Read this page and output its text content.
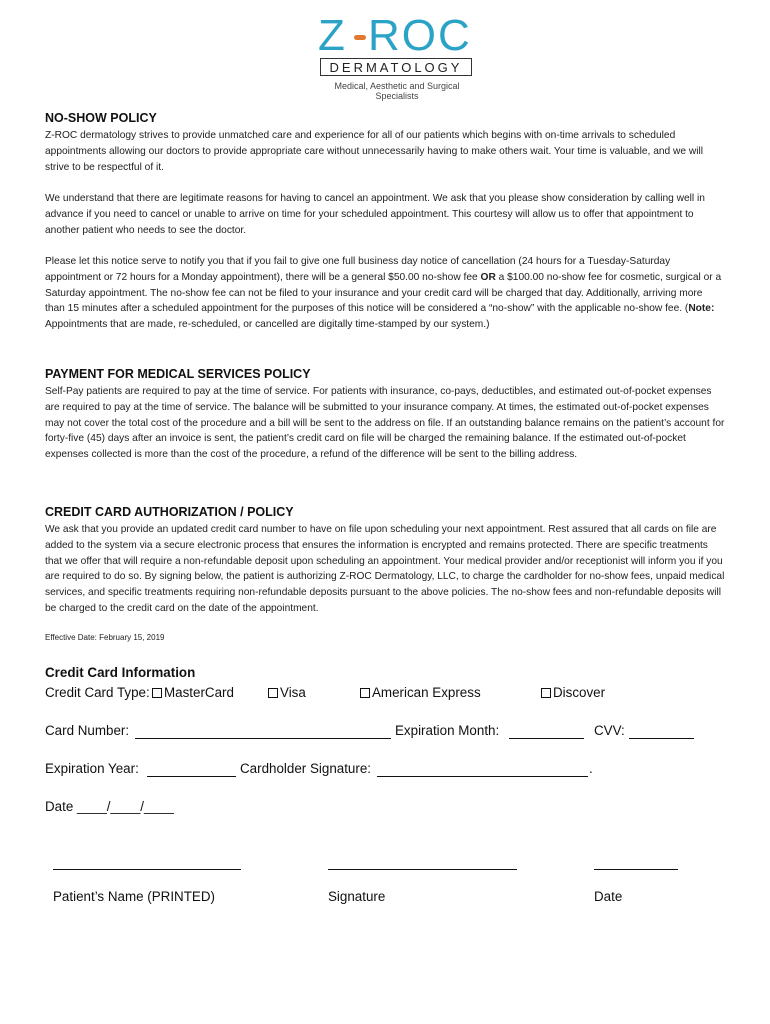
Z ROC
DERMATOLOGY
Medical, Aesthetic and Surgical Specialists
NO-SHOW POLICY
Z-ROC dermatology strives to provide unmatched care and experience for all of our patients which begins with on-time arrivals to scheduled appointments allowing our doctors to provide appropriate care without unnecessarily having to make others wait. Your time is valuable, and we will strive to be respectful of it.
We understand that there are legitimate reasons for having to cancel an appointment. We ask that you please show consideration by calling well in advance if you need to cancel or unable to arrive on time for your scheduled appointment. This courtesy will allow us to offer that appointment to another patient who needs to see the doctor.
Please let this notice serve to notify you that if you fail to give one full business day notice of cancellation (24 hours for a Tuesday-Saturday appointment or 72 hours for a Monday appointment), there will be a general $50.00 no-show fee OR a $100.00 no-show fee for cosmetic, surgical or a Saturday appointment. The no-show fee can not be filed to your insurance and your credit card will be charged that day. Additionally, arriving more than 15 minutes after a scheduled appointment for the purposes of this notice will be considered a “no-show” with the applicable no-show fee. (Note: Appointments that are made, re-scheduled, or cancelled are digitally time-stamped by our system.)
PAYMENT FOR MEDICAL SERVICES POLICY
Self-Pay patients are required to pay at the time of service. For patients with insurance, co-pays, deductibles, and estimated out-of-pocket expenses are required to pay at the time of service. The balance will be submitted to your insurance company. At times, the estimated out-of-pocket expenses may not cover the total cost of the procedure and a bill will be sent to the address on file. If an outstanding balance remains on the patient’s account for forty-five (45) days after an invoice is sent, the patient’s credit card on file will be charged the remaining balance. If the estimated out-of-pocket expenses collected is more than the cost of the procedure, a refund of the difference will be sent to the billing address.
CREDIT CARD AUTHORIZATION / POLICY
We ask that you provide an updated credit card number to have on file upon scheduling your next appointment. Rest assured that all cards on file are added to the system via a secure electronic process that ensures the information is encrypted and remains protected. There are specific treatments that we offer that will require a non-refundable deposit upon scheduling an appointment. Your medical provider and/or receptionist will inform you if you are required to do so. By signing below, the patient is authorizing Z-ROC Dermatology, LLC, to charge the cardholder for no-show fees, unpaid medical services, and specific treatments requiring non-refundable deposits pursuant to the above policies. The no-show fees and non-refundable deposits will be charged to the credit card on the date of the appointment.
Effective Date: February 15, 2019
Credit Card Information
Credit Card Type:	MasterCard	Visa	American Express	Discover
Card Number:	Expiration Month:	CVV:
Expiration Year:	Cardholder Signature:	.
Date ____/____/____
Patient’s Name (PRINTED)	Signature	Date
